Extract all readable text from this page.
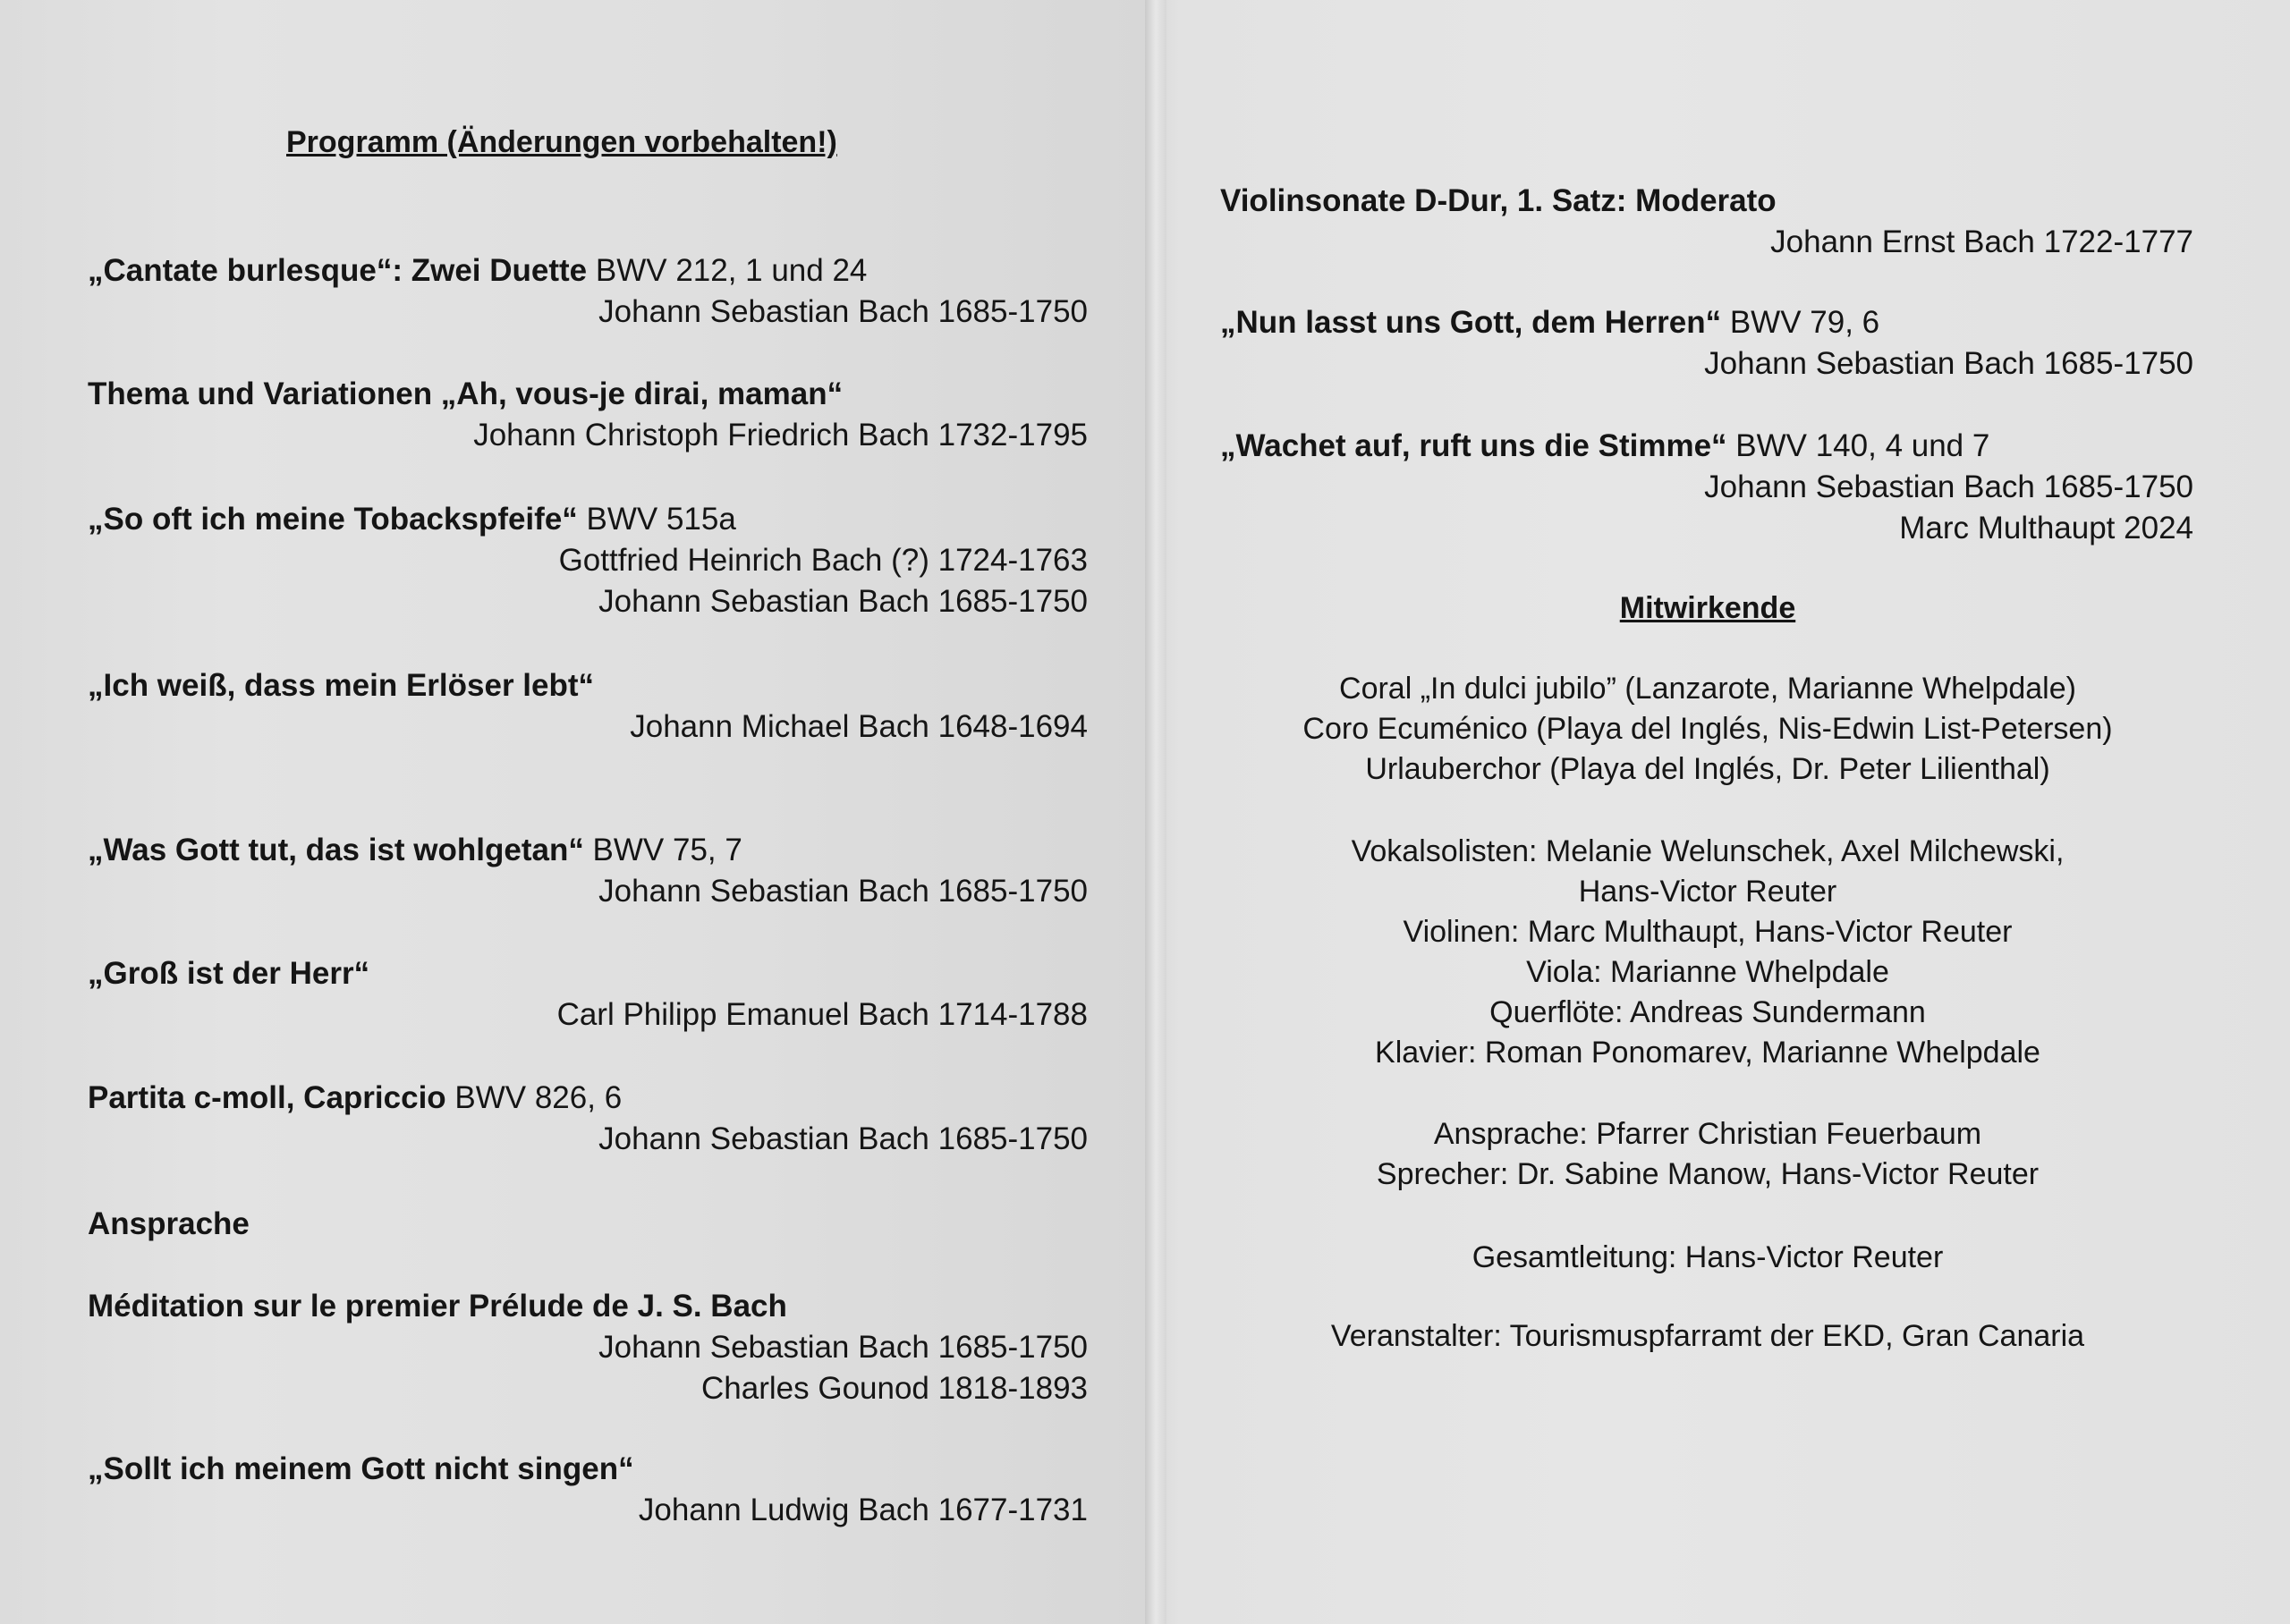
Programm (Änderungen vorbehalten!)
„Cantate burlesque“: Zwei Duette BWV 212, 1 und 24
Johann Sebastian Bach 1685-1750
Thema und Variationen „Ah, vous-je dirai, maman“
Johann Christoph Friedrich Bach 1732-1795
„So oft ich meine Tobackspfeife“ BWV 515a
Gottfried Heinrich Bach (?) 1724-1763
Johann Sebastian Bach 1685-1750
„Ich weiß, dass mein Erlöser lebt“
Johann Michael Bach 1648-1694
„Was Gott tut, das ist wohlgetan“ BWV 75, 7
Johann Sebastian Bach 1685-1750
„Groß ist der Herr“
Carl Philipp Emanuel Bach 1714-1788
Partita c-moll, Capriccio BWV 826, 6
Johann Sebastian Bach 1685-1750
Ansprache
Méditation sur le premier Prélude de J. S. Bach
Johann Sebastian Bach 1685-1750
Charles Gounod 1818-1893
„Sollt ich meinem Gott nicht singen“
Johann Ludwig Bach 1677-1731
Violinsonate D-Dur, 1. Satz: Moderato
Johann Ernst Bach 1722-1777
„Nun lasst uns Gott, dem Herren“ BWV 79, 6
Johann Sebastian Bach 1685-1750
„Wachet auf, ruft uns die Stimme“ BWV 140, 4 und 7
Johann Sebastian Bach 1685-1750
Marc Multhaupt 2024
Mitwirkende
Coral „In dulci jubilo” (Lanzarote, Marianne Whelpdale)
Coro Ecuménico (Playa del Inglés, Nis-Edwin List-Petersen)
Urlauberchor (Playa del Inglés, Dr. Peter Lilienthal)
Vokalsolisten: Melanie Welunschek, Axel Milchewski,
Hans-Victor Reuter
Violinen: Marc Multhaupt, Hans-Victor Reuter
Viola: Marianne Whelpdale
Querflöte: Andreas Sundermann
Klavier: Roman Ponomarev, Marianne Whelpdale
Ansprache: Pfarrer Christian Feuerbaum
Sprecher: Dr. Sabine Manow, Hans-Victor Reuter
Gesamtleitung: Hans-Victor Reuter
Veranstalter: Tourismuspfarramt der EKD, Gran Canaria
